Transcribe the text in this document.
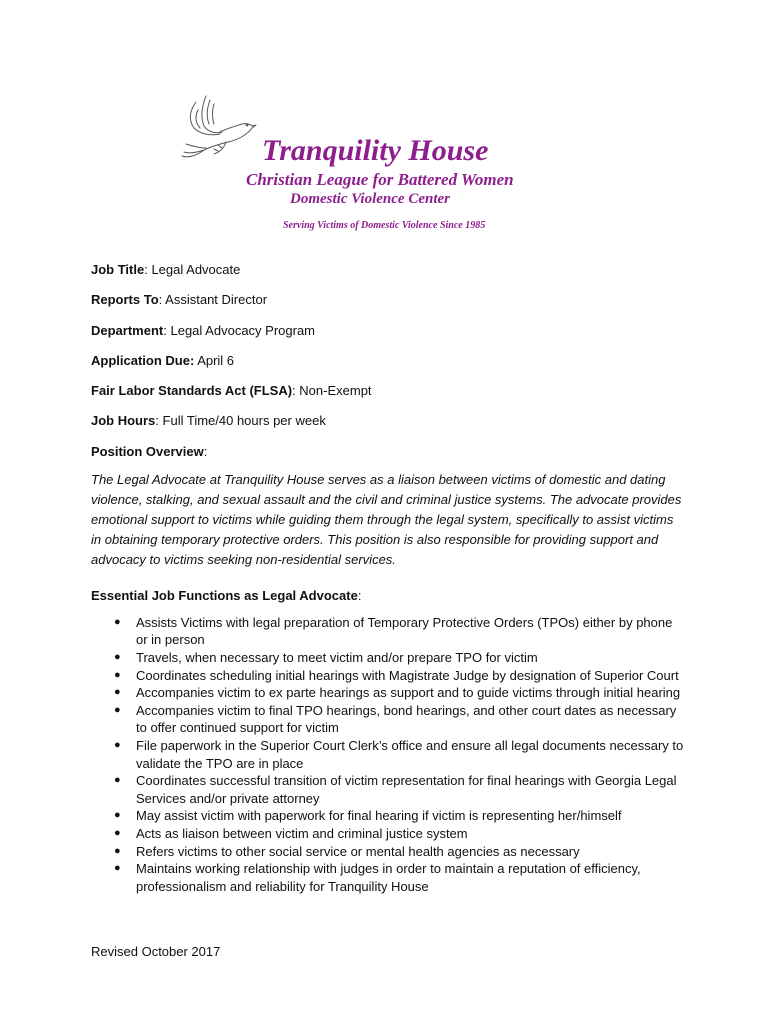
Tranquility House
Christian League for Battered Women
Domestic Violence Center
Serving Victims of Domestic Violence Since 1985
Job Title: Legal Advocate
Reports To: Assistant Director
Department: Legal Advocacy Program
Application Due: April 6
Fair Labor Standards Act (FLSA): Non-Exempt
Job Hours: Full Time/40 hours per week
Position Overview:
The Legal Advocate at Tranquility House serves as a liaison between victims of domestic and dating violence, stalking, and sexual assault and the civil and criminal justice systems. The advocate provides emotional support to victims while guiding them through the legal system, specifically to assist victims in obtaining temporary protective orders. This position is also responsible for providing support and advocacy to victims seeking non-residential services.
Essential Job Functions as Legal Advocate:
● Assists Victims with legal preparation of Temporary Protective Orders (TPOs) either by phone or in person
● Travels, when necessary to meet victim and/or prepare TPO for victim
● Coordinates scheduling initial hearings with Magistrate Judge by designation of Superior Court
● Accompanies victim to ex parte hearings as support and to guide victims through initial hearing
● Accompanies victim to final TPO hearings, bond hearings, and other court dates as necessary to offer continued support for victim
● File paperwork in the Superior Court Clerk’s office and ensure all legal documents necessary to validate the TPO are in place
● Coordinates successful transition of victim representation for final hearings with Georgia Legal Services and/or private attorney
● May assist victim with paperwork for final hearing if victim is representing her/himself
● Acts as liaison between victim and criminal justice system
● Refers victims to other social service or mental health agencies as necessary
● Maintains working relationship with judges in order to maintain a reputation of efficiency, professionalism and reliability for Tranquility House
Revised October 2017
